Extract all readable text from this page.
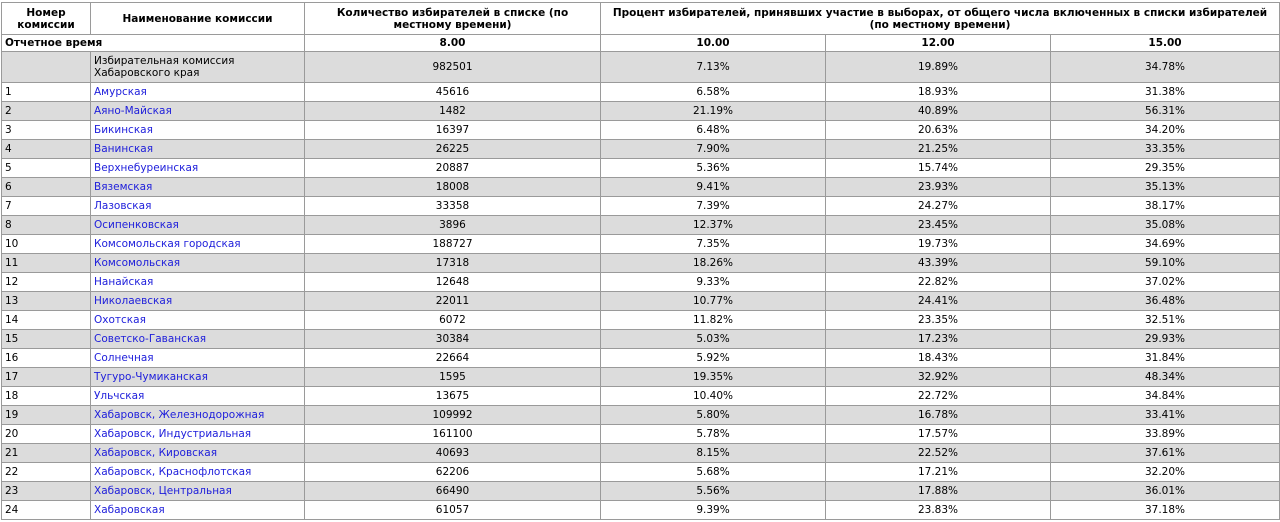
Номер комиссии	Наименование комиссии	Количество избирателей в списке (по местному времени)	Процент избирателей, принявших участие в выборах, от общего числа включенных в списки избирателей (по местному времени)		
Отчетное время		8.00	10.00	12.00	15.00
	Избирательная комиссия Хабаровского края	982501	7.13%	19.89%	34.78%
1	Амурская	45616	6.58%	18.93%	31.38%
2	Аяно-Майская	1482	21.19%	40.89%	56.31%
3	Бикинская	16397	6.48%	20.63%	34.20%
4	Ванинская	26225	7.90%	21.25%	33.35%
5	Верхнебуреинская	20887	5.36%	15.74%	29.35%
6	Вяземская	18008	9.41%	23.93%	35.13%
7	Лазовская	33358	7.39%	24.27%	38.17%
8	Осипенковская	3896	12.37%	23.45%	35.08%
10	Комсомольская городская	188727	7.35%	19.73%	34.69%
11	Комсомольская	17318	18.26%	43.39%	59.10%
12	Нанайская	12648	9.33%	22.82%	37.02%
13	Николаевская	22011	10.77%	24.41%	36.48%
14	Охотская	6072	11.82%	23.35%	32.51%
15	Советско-Гаванская	30384	5.03%	17.23%	29.93%
16	Солнечная	22664	5.92%	18.43%	31.84%
17	Тугуро-Чумиканская	1595	19.35%	32.92%	48.34%
18	Ульчская	13675	10.40%	22.72%	34.84%
19	Хабаровск, Железнодорожная	109992	5.80%	16.78%	33.41%
20	Хабаровск, Индустриальная	161100	5.78%	17.57%	33.89%
21	Хабаровск, Кировская	40693	8.15%	22.52%	37.61%
22	Хабаровск, Краснофлотская	62206	5.68%	17.21%	32.20%
23	Хабаровск, Центральная	66490	5.56%	17.88%	36.01%
24	Хабаровская	61057	9.39%	23.83%	37.18%
